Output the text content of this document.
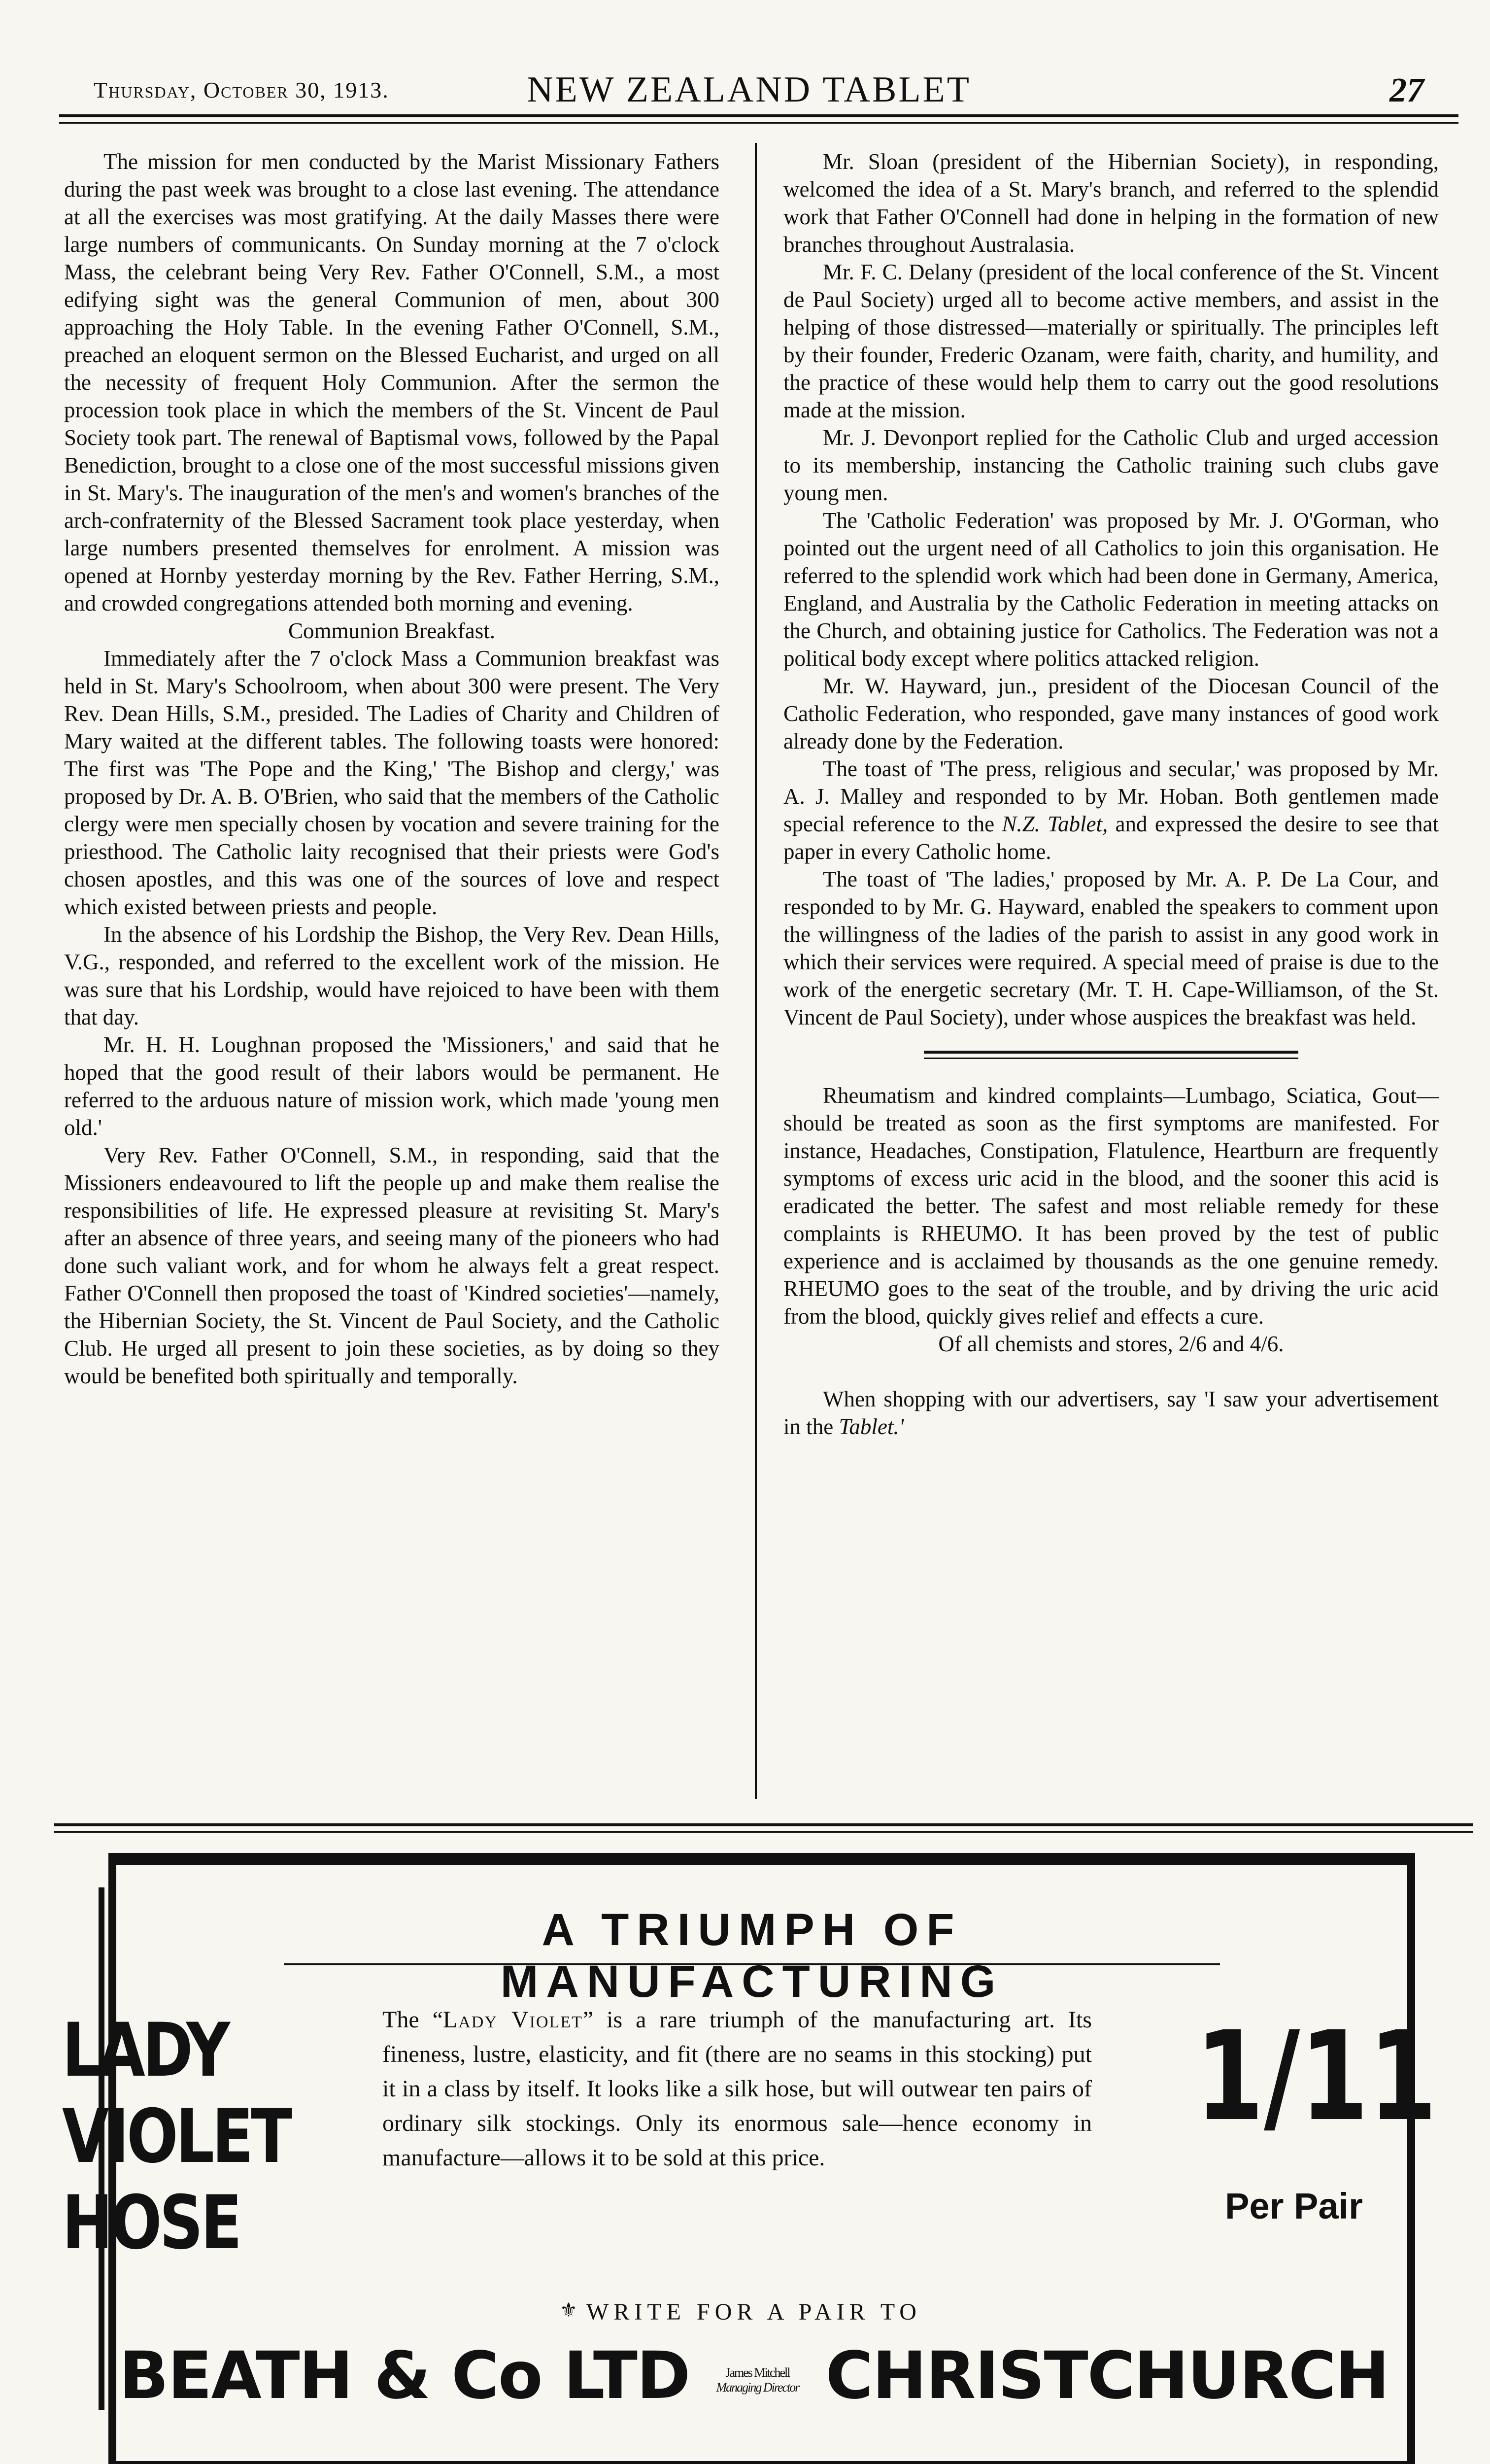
Thursday, October 30, 1913.	NEW ZEALAND TABLET	27

The mission for men conducted by the Marist Missionary Fathers during the past week was brought to a close last evening. The attendance at all the exercises was most gratifying. At the daily Masses there were large numbers of communicants. On Sunday morning at the 7 o'clock Mass, the celebrant being Very Rev. Father O'Connell, S.M., a most edifying sight was the general Communion of men, about 300 approaching the Holy Table. In the evening Father O'Connell, S.M., preached an eloquent sermon on the Blessed Eucharist, and urged on all the necessity of frequent Holy Communion. After the sermon the procession took place in which the members of the St. Vincent de Paul Society took part. The renewal of Baptismal vows, followed by the Papal Benediction, brought to a close one of the most successful missions given in St. Mary's. The inauguration of the men's and women's branches of the arch-confraternity of the Blessed Sacrament took place yesterday, when large numbers presented themselves for enrolment. A mission was opened at Hornby yesterday morning by the Rev. Father Herring, S.M., and crowded congregations attended both morning and evening.

Communion Breakfast.

Immediately after the 7 o'clock Mass a Communion breakfast was held in St. Mary's Schoolroom, when about 300 were present. The Very Rev. Dean Hills, S.M., presided. The Ladies of Charity and Children of Mary waited at the different tables. The following toasts were honored: The first was 'The Pope and the King,' 'The Bishop and clergy,' was proposed by Dr. A. B. O'Brien, who said that the members of the Catholic clergy were men specially chosen by vocation and severe training for the priesthood. The Catholic laity recognised that their priests were God's chosen apostles, and this was one of the sources of love and respect which existed between priests and people.

In the absence of his Lordship the Bishop, the Very Rev. Dean Hills, V.G., responded, and referred to the excellent work of the mission. He was sure that his Lordship, would have rejoiced to have been with them that day.

Mr. H. H. Loughnan proposed the 'Missioners,' and said that he hoped that the good result of their labors would be permanent. He referred to the arduous nature of mission work, which made 'young men old.'

Very Rev. Father O'Connell, S.M., in responding, said that the Missioners endeavoured to lift the people up and make them realise the responsibilities of life. He expressed pleasure at revisiting St. Mary's after an absence of three years, and seeing many of the pioneers who had done such valiant work, and for whom he always felt a great respect. Father O'Connell then proposed the toast of 'Kindred societies'—namely, the Hibernian Society, the St. Vincent de Paul Society, and the Catholic Club. He urged all present to join these societies, as by doing so they would be benefited both spiritually and temporally.

Mr. Sloan (president of the Hibernian Society), in responding, welcomed the idea of a St. Mary's branch, and referred to the splendid work that Father O'Connell had done in helping in the formation of new branches throughout Australasia.

Mr. F. C. Delany (president of the local conference of the St. Vincent de Paul Society) urged all to become active members, and assist in the helping of those distressed—materially or spiritually. The principles left by their founder, Frederic Ozanam, were faith, charity, and humility, and the practice of these would help them to carry out the good resolutions made at the mission.

Mr. J. Devonport replied for the Catholic Club and urged accession to its membership, instancing the Catholic training such clubs gave young men.

The 'Catholic Federation' was proposed by Mr. J. O'Gorman, who pointed out the urgent need of all Catholics to join this organisation. He referred to the splendid work which had been done in Germany, America, England, and Australia by the Catholic Federation in meeting attacks on the Church, and obtaining justice for Catholics. The Federation was not a political body except where politics attacked religion.

Mr. W. Hayward, jun., president of the Diocesan Council of the Catholic Federation, who responded, gave many instances of good work already done by the Federation.

The toast of 'The press, religious and secular,' was proposed by Mr. A. J. Malley and responded to by Mr. Hoban. Both gentlemen made special reference to the N.Z. Tablet, and expressed the desire to see that paper in every Catholic home.

The toast of 'The ladies,' proposed by Mr. A. P. De La Cour, and responded to by Mr. G. Hayward, enabled the speakers to comment upon the willingness of the ladies of the parish to assist in any good work in which their services were required. A special meed of praise is due to the work of the energetic secretary (Mr. T. H. Cape-Williamson, of the St. Vincent de Paul Society), under whose auspices the breakfast was held.

Rheumatism and kindred complaints—Lumbago, Sciatica, Gout—should be treated as soon as the first symptoms are manifested. For instance, Headaches, Constipation, Flatulence, Heartburn are frequently symptoms of excess uric acid in the blood, and the sooner this acid is eradicated the better. The safest and most reliable remedy for these complaints is RHEUMO. It has been proved by the test of public experience and is acclaimed by thousands as the one genuine remedy. RHEUMO goes to the seat of the trouble, and by driving the uric acid from the blood, quickly gives relief and effects a cure.

Of all chemists and stores, 2/6 and 4/6.

When shopping with our advertisers, say 'I saw your advertisement in the Tablet.'

A TRIUMPH OF MANUFACTURING
LADY
VIOLET
HOSE
The “Lady Violet” is a rare triumph of the manufacturing art. Its fineness, lustre, elasticity, and fit (there are no seams in this stocking) put it in a class by itself. It looks like a silk hose, but will outwear ten pairs of ordinary silk stockings. Only its enormous sale—hence economy in manufacture—allows it to be sold at this price.
1/11
Per Pair
⚜ WRITE FOR A PAIR TO
BEATH & Co LTD	James Mitchell
Managing Director CHRISTCHURCH
